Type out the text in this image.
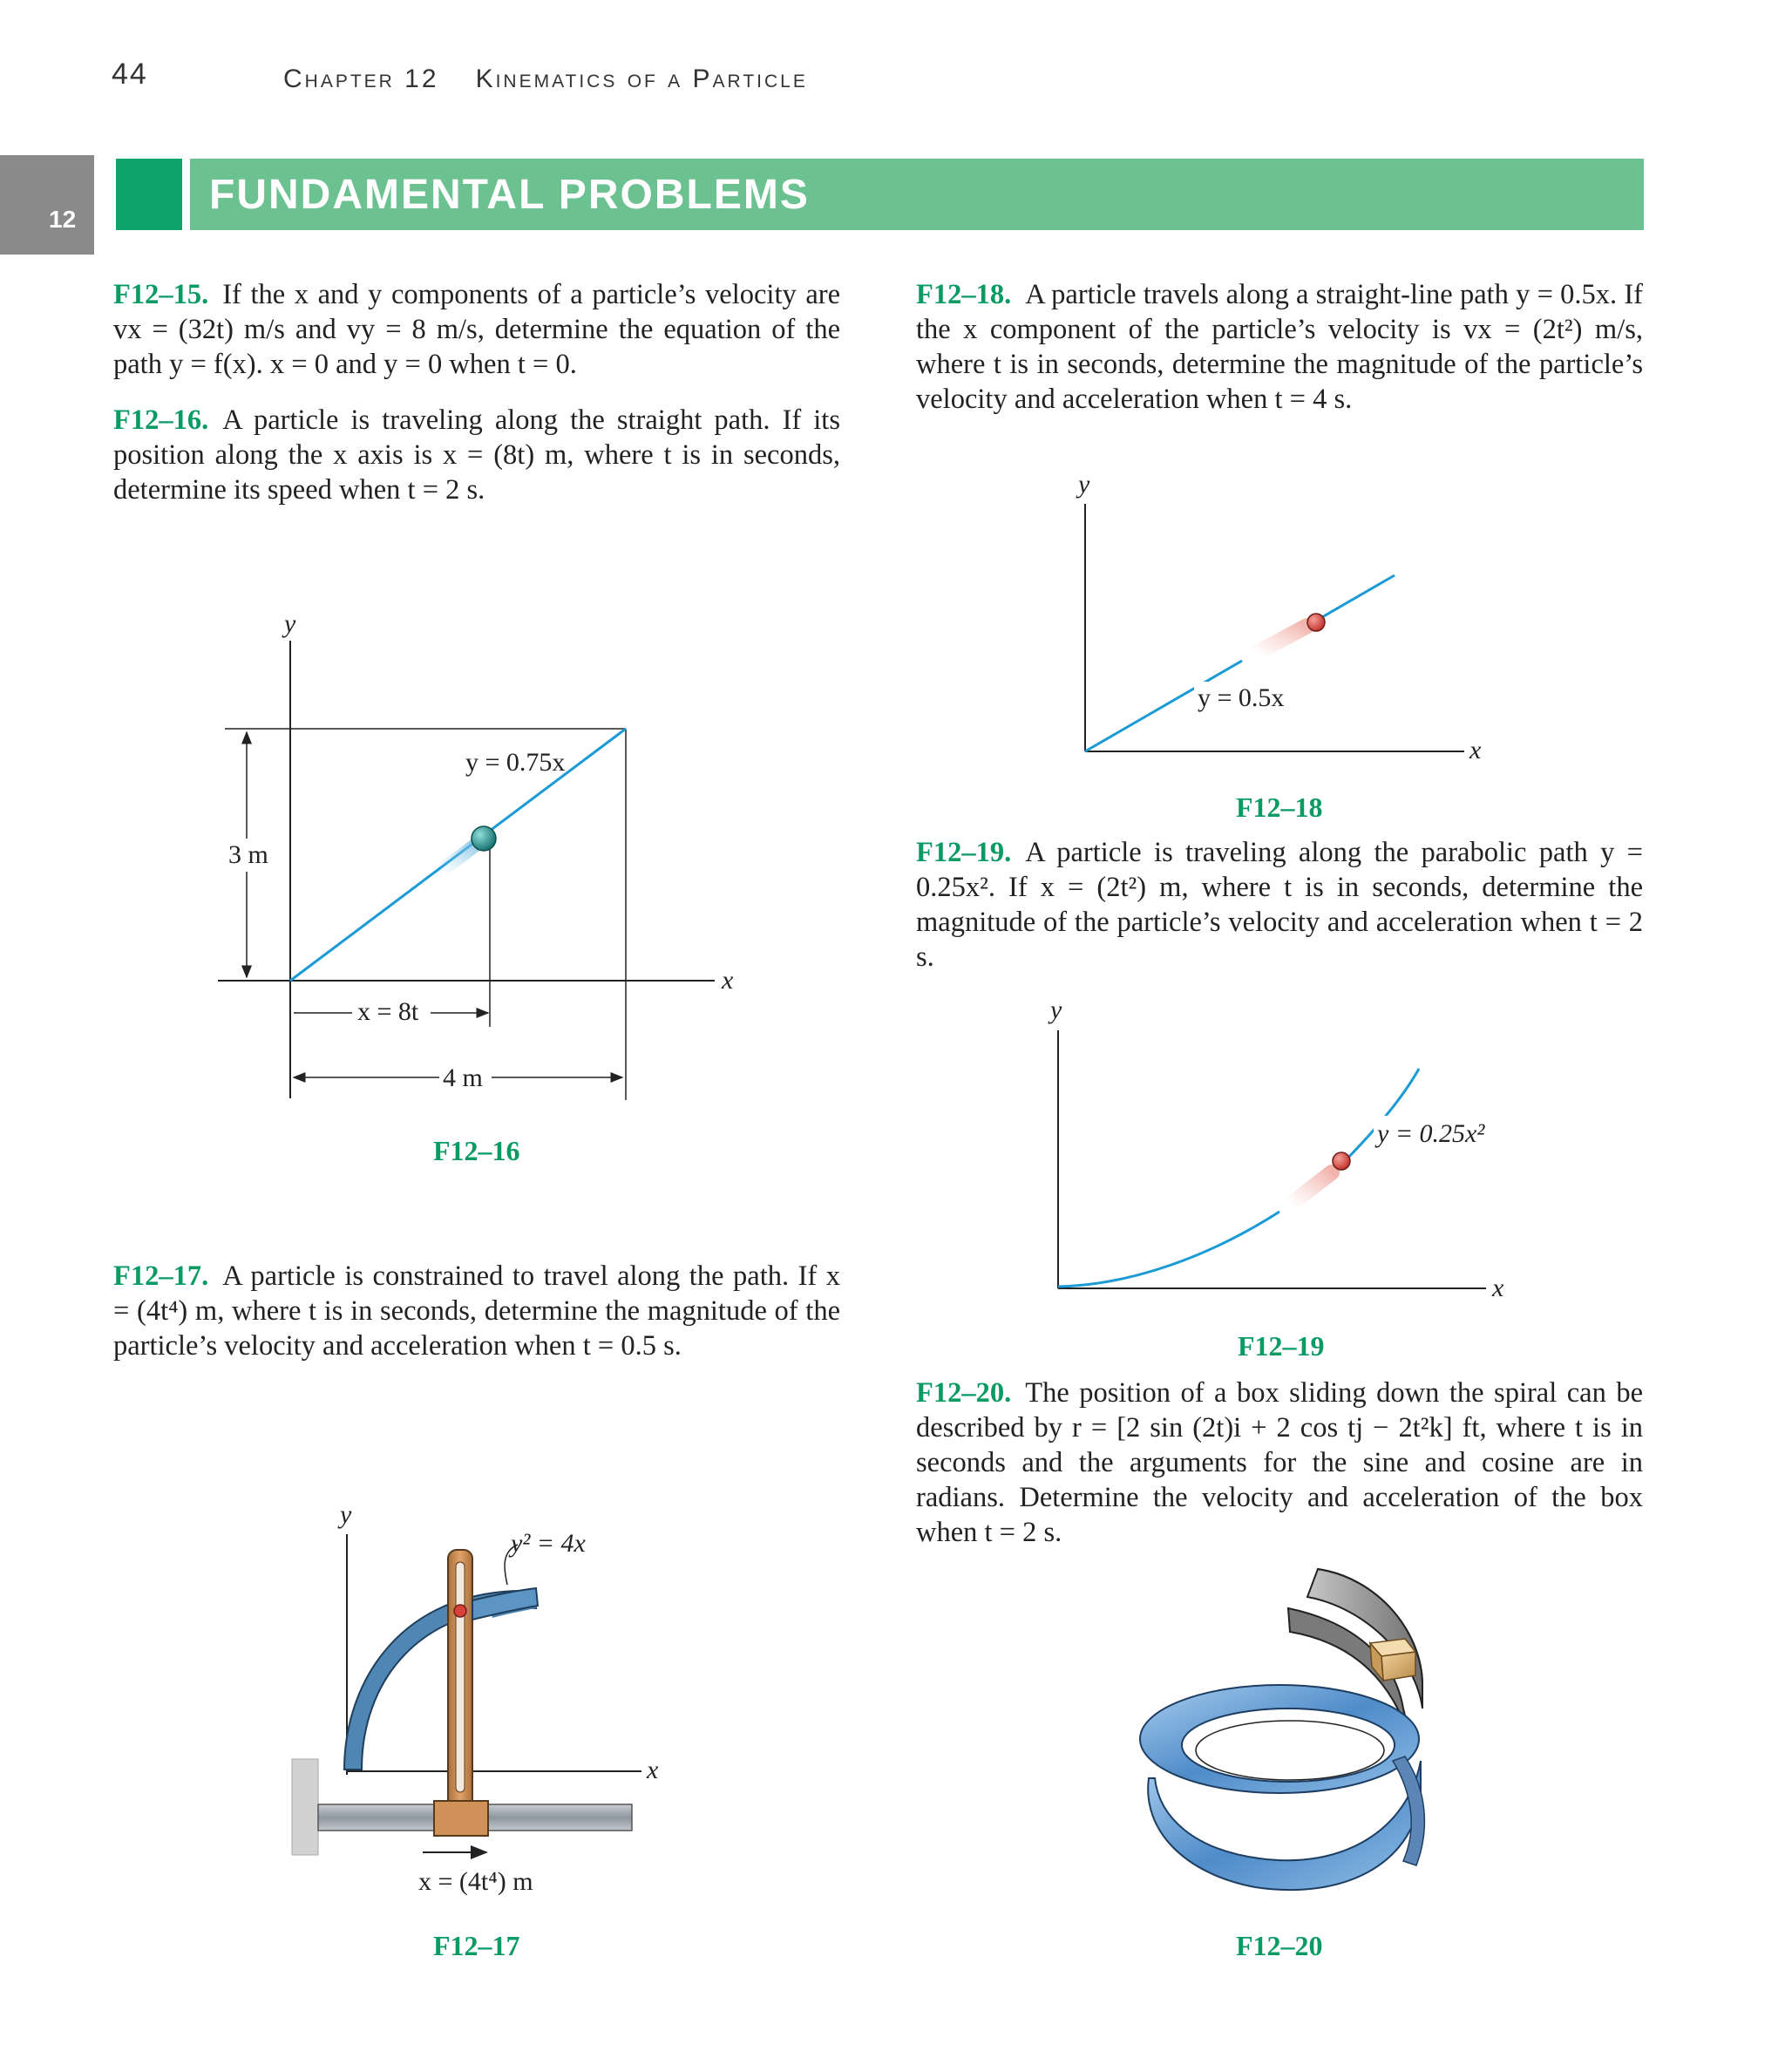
44	Chapter 12 Kinematics of a Particle
12
FUNDAMENTAL PROBLEMS
F12–15. If the x and y components of a particle’s velocity are vx = (32t) m/s and vy = 8 m/s, determine the equation of the path y = f(x). x = 0 and y = 0 when t = 0.
F12–16. A particle is traveling along the straight path. If its position along the x axis is x = (8t) m, where t is in seconds, determine its speed when t = 2 s.
F12–17. A particle is constrained to travel along the path. If x = (4t⁴) m, where t is in seconds, determine the magnitude of the particle’s velocity and acceleration when t = 0.5 s.
F12–18. A particle travels along a straight-line path y = 0.5x. If the x component of the particle’s velocity is vx = (2t²) m/s, where t is in seconds, determine the magnitude of the particle’s velocity and acceleration when t = 4 s.
F12–19. A particle is traveling along the parabolic path y = 0.25x². If x = (2t²) m, where t is in seconds, determine the magnitude of the particle’s velocity and acceleration when t = 2 s.
F12–20. The position of a box sliding down the spiral can be described by r = [2 sin (2t)i + 2 cos tj − 2t²k] ft, where t is in seconds and the arguments for the sine and cosine are in radians. Determine the velocity and acceleration of the box when t = 2 s.
y
x
y = 0.75x
3 m
x = 8t
4 m
F12–16
y
x
y² = 4x
x = (4t⁴) m
F12–17
y
x
y = 0.5x
F12–18
y
x
y = 0.25x²
F12–19
F12–20
